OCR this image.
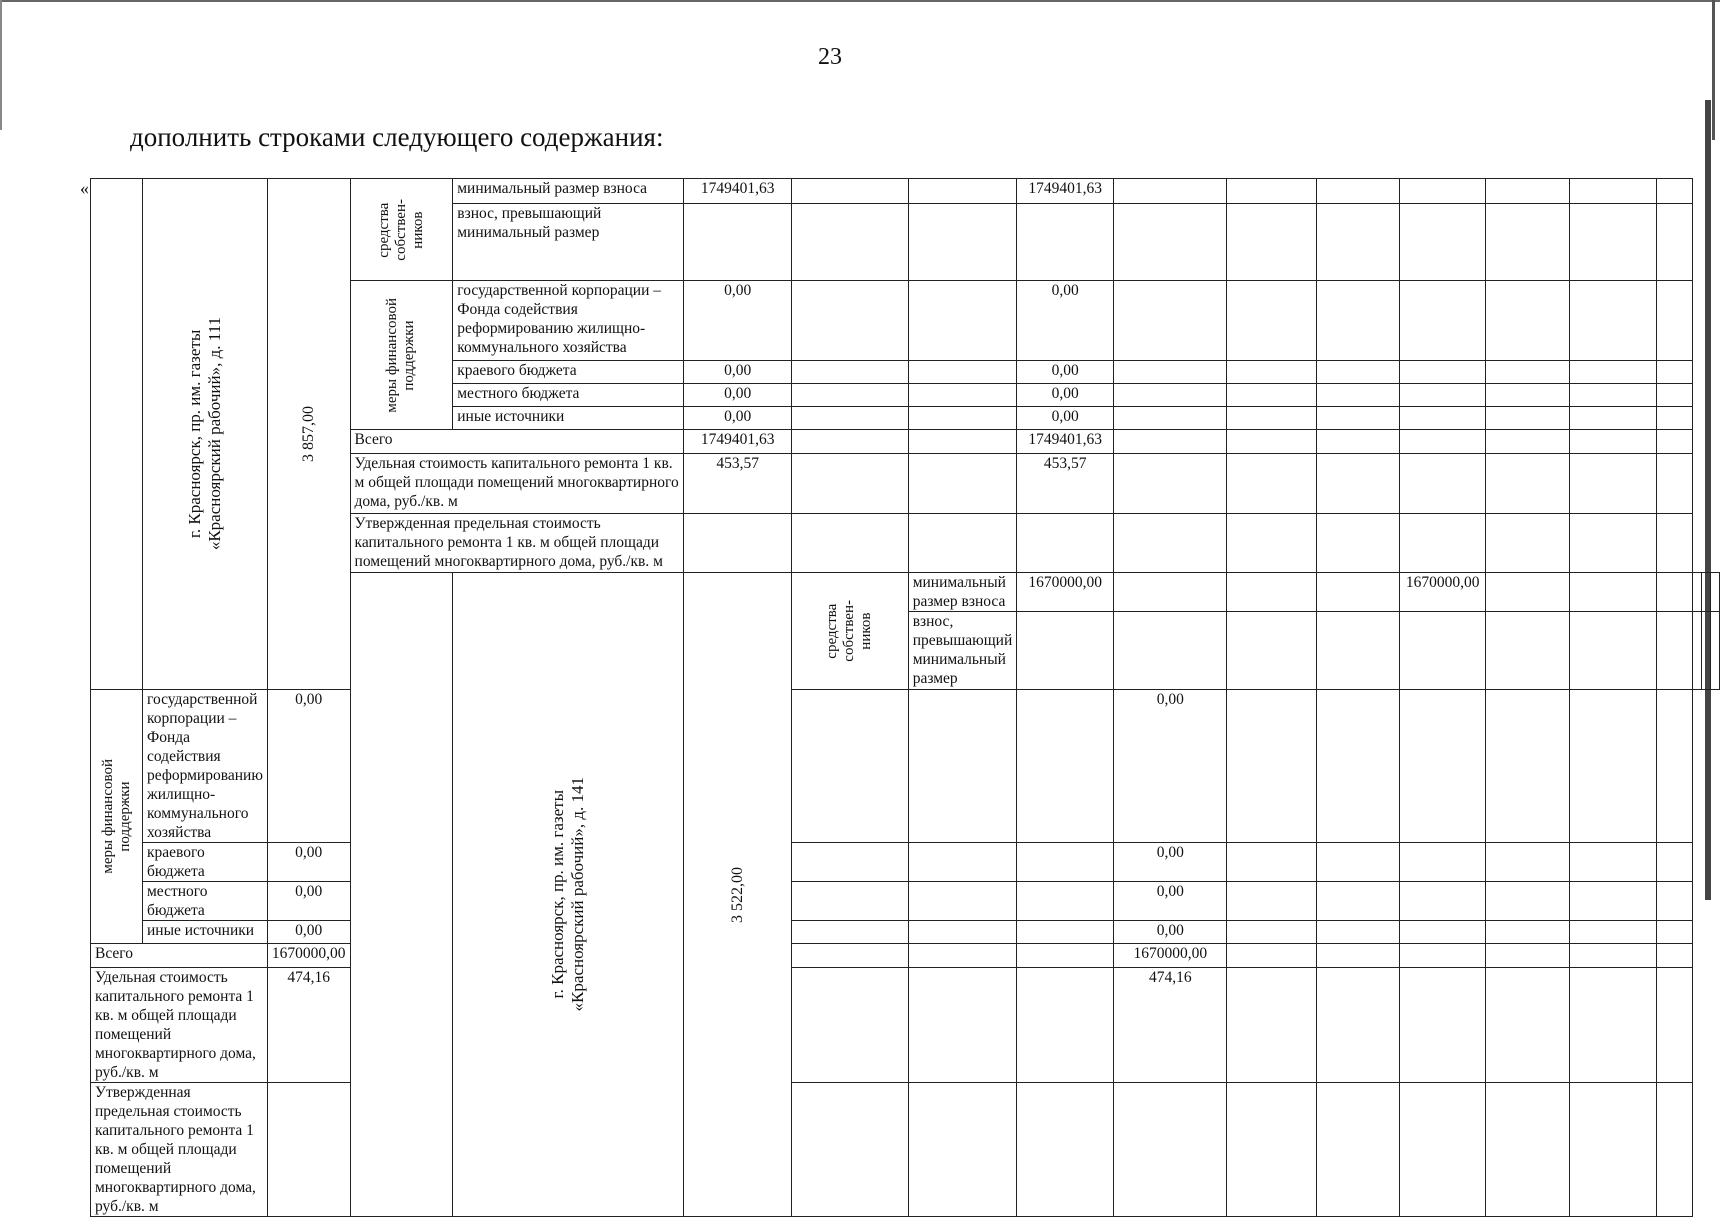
23
дополнить строками следующего содержания:
«

	г. Красноярск, пр. им. газеты
«Красноярский рабочий», д. 111	3 857,00	средства
собствен-
ников	минимальный размер взноса	1749401,63			1749401,63										
				взнос, превышающий минимальный размер														

			меры финансовой
поддержки	государственной корпорации – Фонда содействия реформированию жилищно-коммунального хозяйства	0,00			0,00										
				краевого бюджета	0,00			0,00										
				местного бюджета	0,00			0,00										
				иные источники	0,00			0,00										
			Всего		1749401,63			1749401,63										
			Удельная стоимость капитального ремонта 1 кв. м общей площади помещений многоквартирного дома, руб./кв. м		453,57			453,57										
			Утвержденная предельная стоимость капитального ремонта 1 кв. м общей площади помещений многоквартирного дома, руб./кв. м															

				г. Красноярск, пр. им. газеты
«Красноярский рабочий», д. 141	3 522,00	средства
собствен-
ников	минимальный размер взноса	1670000,00				1670000,00						
							взнос, превышающий минимальный размер											

меры финансовой
поддержки	государственной корпорации – Фонда содействия реформированию жилищно-коммунального хозяйства	0,00							0,00									
	краевого бюджета	0,00							0,00									
	местного бюджета	0,00							0,00									
	иные источники	0,00							0,00									
Всего		1670000,00							1670000,00									
Удельная стоимость капитального ремонта 1 кв. м общей площади помещений многоквартирного дома, руб./кв. м		474,16							474,16									
Утвержденная предельная стоимость капитального ремонта 1 кв. м общей площади помещений многоквартирного дома, руб./кв. м																		
